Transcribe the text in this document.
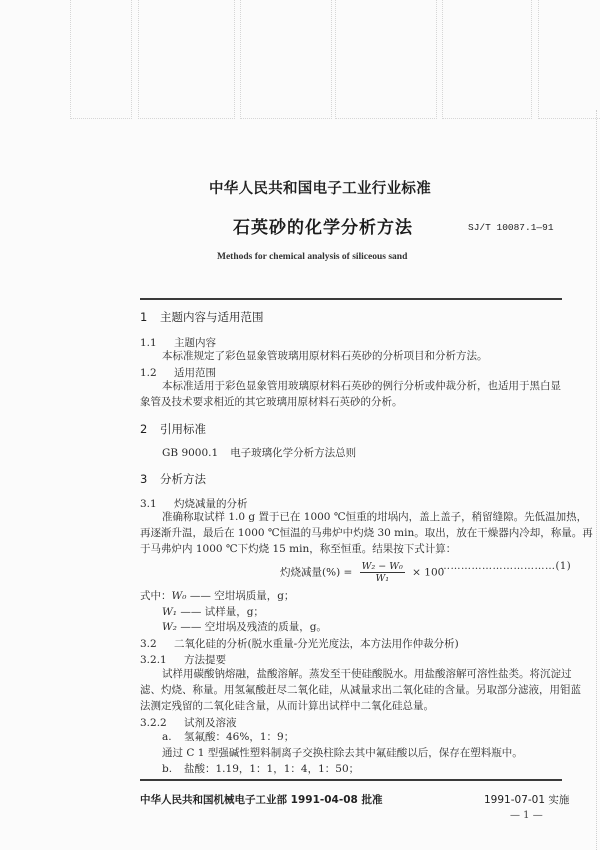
中华人民共和国电子工业行业标准
石英砂的化学分析方法	SJ/T 10087.1—91
Methods for chemical analysis of siliceous sand
1 主题内容与适用范围
1.1 主题内容
本标准规定了彩色显象管玻璃用原材料石英砂的分析项目和分析方法。
1.2 适用范围
本标准适用于彩色显象管用玻璃原材料石英砂的例行分析或仲裁分析，也适用于黑白显
象管及技术要求相近的其它玻璃用原材料石英砂的分析。
2 引用标准
GB 9000.1 电子玻璃化学分析方法总则
3 分析方法
3.1 灼烧减量的分析
准确称取试样 1.0 g 置于已在 1000 ℃恒重的坩埚内，盖上盖子，稍留缝隙。先低温加热，
再逐渐升温，最后在 1000 ℃恒温的马弗炉中灼烧 30 min。取出，放在干燥器内冷却，称量。再
于马弗炉内 1000 ℃下灼烧 15 min，称至恒重。结果按下式计算：
灼烧减量(%) = $\frac{\text{W₂ − W₀}}{\text{W₁}} \times 100$
……………………………(1)
式中：W₀ —— 空坩埚质量，g；
W₁ —— 试样量，g；
W₂ —— 空坩埚及残渣的质量，g。
3.2 二氧化硅的分析(脱水重量-分光光度法，本方法用作仲裁分析)
3.2.1 方法提要
试样用碳酸钠熔融，盐酸溶解。蒸发至干使硅酸脱水。用盐酸溶解可溶性盐类。将沉淀过
滤、灼烧、称量。用氢氟酸赶尽二氧化硅，从减量求出二氧化硅的含量。另取部分滤液，用钼蓝
法测定残留的二氧化硅含量，从而计算出试样中二氧化硅总量。
3.2.2 试剂及溶液
a. 氢氟酸：46%，1：9；
通过 C 1 型强碱性塑料制离子交换柱除去其中氟硅酸以后，保存在塑料瓶中。
b. 盐酸：1.19，1：1，1：4，1：50；
中华人民共和国机械电子工业部 1991-04-08 批准	1991-07-01 实施
— 1 —
